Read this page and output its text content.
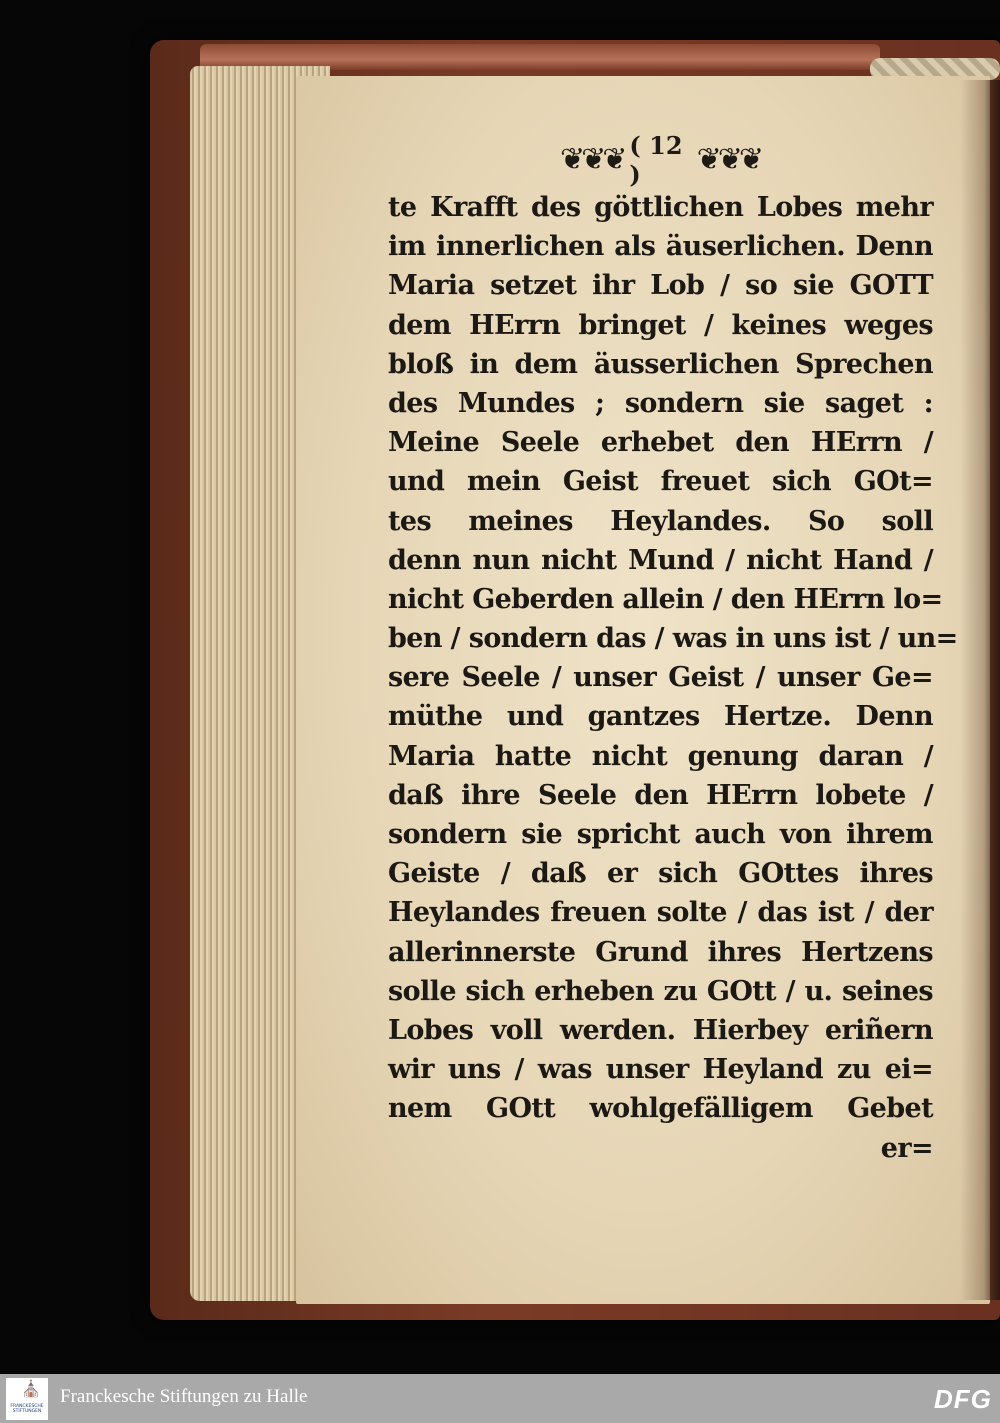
❦❦❦ ( 12 )	❦❦❦
te Krafft des göttlichen Lobes mehr
im innerlichen als äuserlichen. Denn
Maria setzet ihr Lob / so sie GOTT
dem HErrn bringet / keines weges
bloß in dem äusserlichen Sprechen
des Mundes ; sondern sie saget :
Meine Seele erhebet den HErrn /
und mein Geist freuet sich GOt=
tes meines Heylandes. So soll
denn nun nicht Mund / nicht Hand /
nicht Geberden allein / den HErrn lo=
ben / sondern das / was in uns ist / un=
sere Seele / unser Geist / unser Ge=
müthe und gantzes Hertze. Denn
Maria hatte nicht genung daran /
daß ihre Seele den HErrn lobete /
sondern sie spricht auch von ihrem
Geiste / daß er sich GOttes ihres
Heylandes freuen solte / das ist / der
allerinnerste Grund ihres Hertzens
solle sich erheben zu GOtt / u. seines
Lobes voll werden. Hierbey eriñern
wir uns / was unser Heyland zu ei=
nem GOtt wohlgefälligem Gebet
er=
⛪
FRANCKESCHE STIFTUNGEN
Franckesche Stiftungen zu Halle	DFG
